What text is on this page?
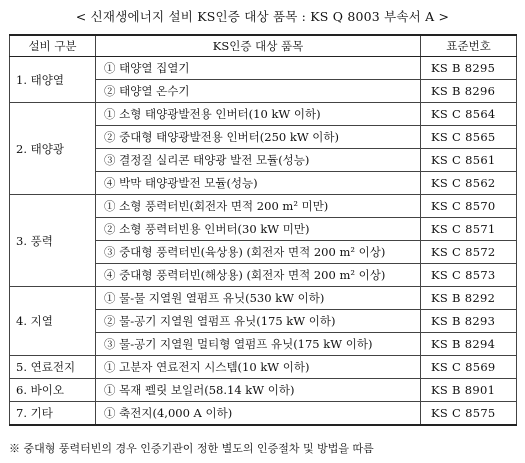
< 신재생에너지 설비 KS인증 대상 품목 : KS Q 8003 부속서 A >
설비 구분	KS인증 대상 품목	표준번호
1. 태양열	① 태양열 집열기	KS B 8295
	② 태양열 온수기	KS B 8296
2. 태양광	① 소형 태양광발전용 인버터(10 kW 이하)	KS C 8564
	② 중대형 태양광발전용 인버터(250 kW 이하)	KS C 8565
	③ 결정질 실리콘 태양광 발전 모듈(성능)	KS C 8561
	④ 박막 태양광발전 모듈(성능)	KS C 8562
3. 풍력	① 소형 풍력터빈(회전자 면적 200 m² 미만)	KS C 8570
	② 소형 풍력터빈용 인버터(30 kW 미만)	KS C 8571
	③ 중대형 풍력터빈(육상용) (회전자 면적 200 m² 이상)	KS C 8572
	④ 중대형 풍력터빈(해상용) (회전자 면적 200 m² 이상)	KS C 8573
4. 지열	① 물-물 지열원 열펌프 유닛(530 kW 이하)	KS B 8292
	② 물-공기 지열원 열펌프 유닛(175 kW 이하)	KS B 8293
	③ 물-공기 지열원 멀티형 열펌프 유닛(175 kW 이하)	KS B 8294
5. 연료전지	① 고분자 연료전지 시스템(10 kW 이하)	KS C 8569
6. 바이오	① 목재 펠릿 보일러(58.14 kW 이하)	KS B 8901
7. 기타	① 축전지(4,000 A 이하)	KS C 8575
※ 중대형 풍력터빈의 경우 인증기관이 정한 별도의 인증절차 및 방법을 따름
